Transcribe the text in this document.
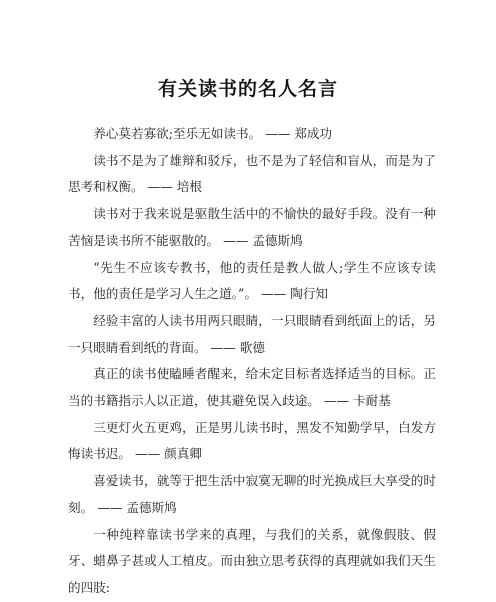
有关读书的名人名言

养心莫若寡欲;至乐无如读书。 —— 郑成功

读书不是为了雄辩和驳斥，也不是为了轻信和盲从，而是为了思考和权衡。 —— 培根

读书对于我来说是驱散生活中的不愉快的最好手段。没有一种苦恼是读书所不能驱散的。 —— 孟德斯鸠

“先生不应该专教书，他的责任是教人做人;学生不应该专读书，他的责任是学习人生之道。”。 —— 陶行知

经验丰富的人读书用两只眼睛，一只眼睛看到纸面上的话，另一只眼睛看到纸的背面。 —— 歌德

真正的读书使瞌睡者醒来，给未定目标者选择适当的目标。正当的书籍指示人以正道，使其避免误入歧途。 —— 卡耐基

三更灯火五更鸡，正是男儿读书时，黑发不知勤学早，白发方悔读书迟。 —— 颜真卿

喜爱读书，就等于把生活中寂寞无聊的时光换成巨大享受的时刻。 —— 孟德斯鸠

一种纯粹靠读书学来的真理，与我们的关系，就像假肢、假牙、蜡鼻子甚或人工植皮。而由独立思考获得的真理就如我们天生的四肢:
